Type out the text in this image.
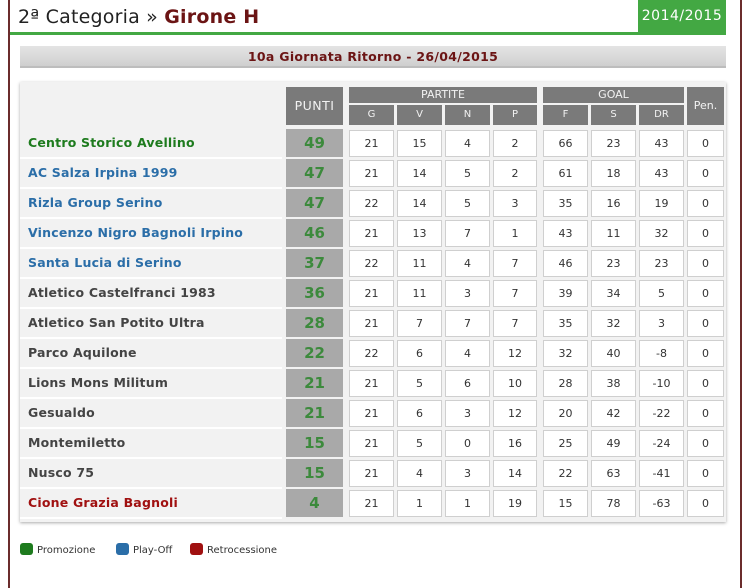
2ª Categoria » Girone H	2014/2015
10a Giornata Ritorno - 26/04/2015
PUNTI
PARTITE	GOAL
Pen.
G	V	N	P	F	S	DR
Centro Storico Avellino	49	21	15	4	2	66	23	43	0
AC Salza Irpina 1999	47	21	14	5	2	61	18	43	0
Rizla Group Serino	47	22	14	5	3	35	16	19	0
Vincenzo Nigro Bagnoli Irpino	46	21	13	7	1	43	11	32	0
Santa Lucia di Serino	37	22	11	4	7	46	23	23	0
Atletico Castelfranci 1983	36	21	11	3	7	39	34	5	0
Atletico San Potito Ultra	28	21	7	7	7	35	32	3	0
Parco Aquilone	22	22	6	4	12	32	40	-8	0
Lions Mons Militum	21	21	5	6	10	28	38	-10	0
Gesualdo	21	21	6	3	12	20	42	-22	0
Montemiletto	15	21	5	0	16	25	49	-24	0
Nusco 75	15	21	4	3	14	22	63	-41	0
Cione Grazia Bagnoli	4	21	1	1	19	15	78	-63	0
Promozione	Play-Off	Retrocessione
